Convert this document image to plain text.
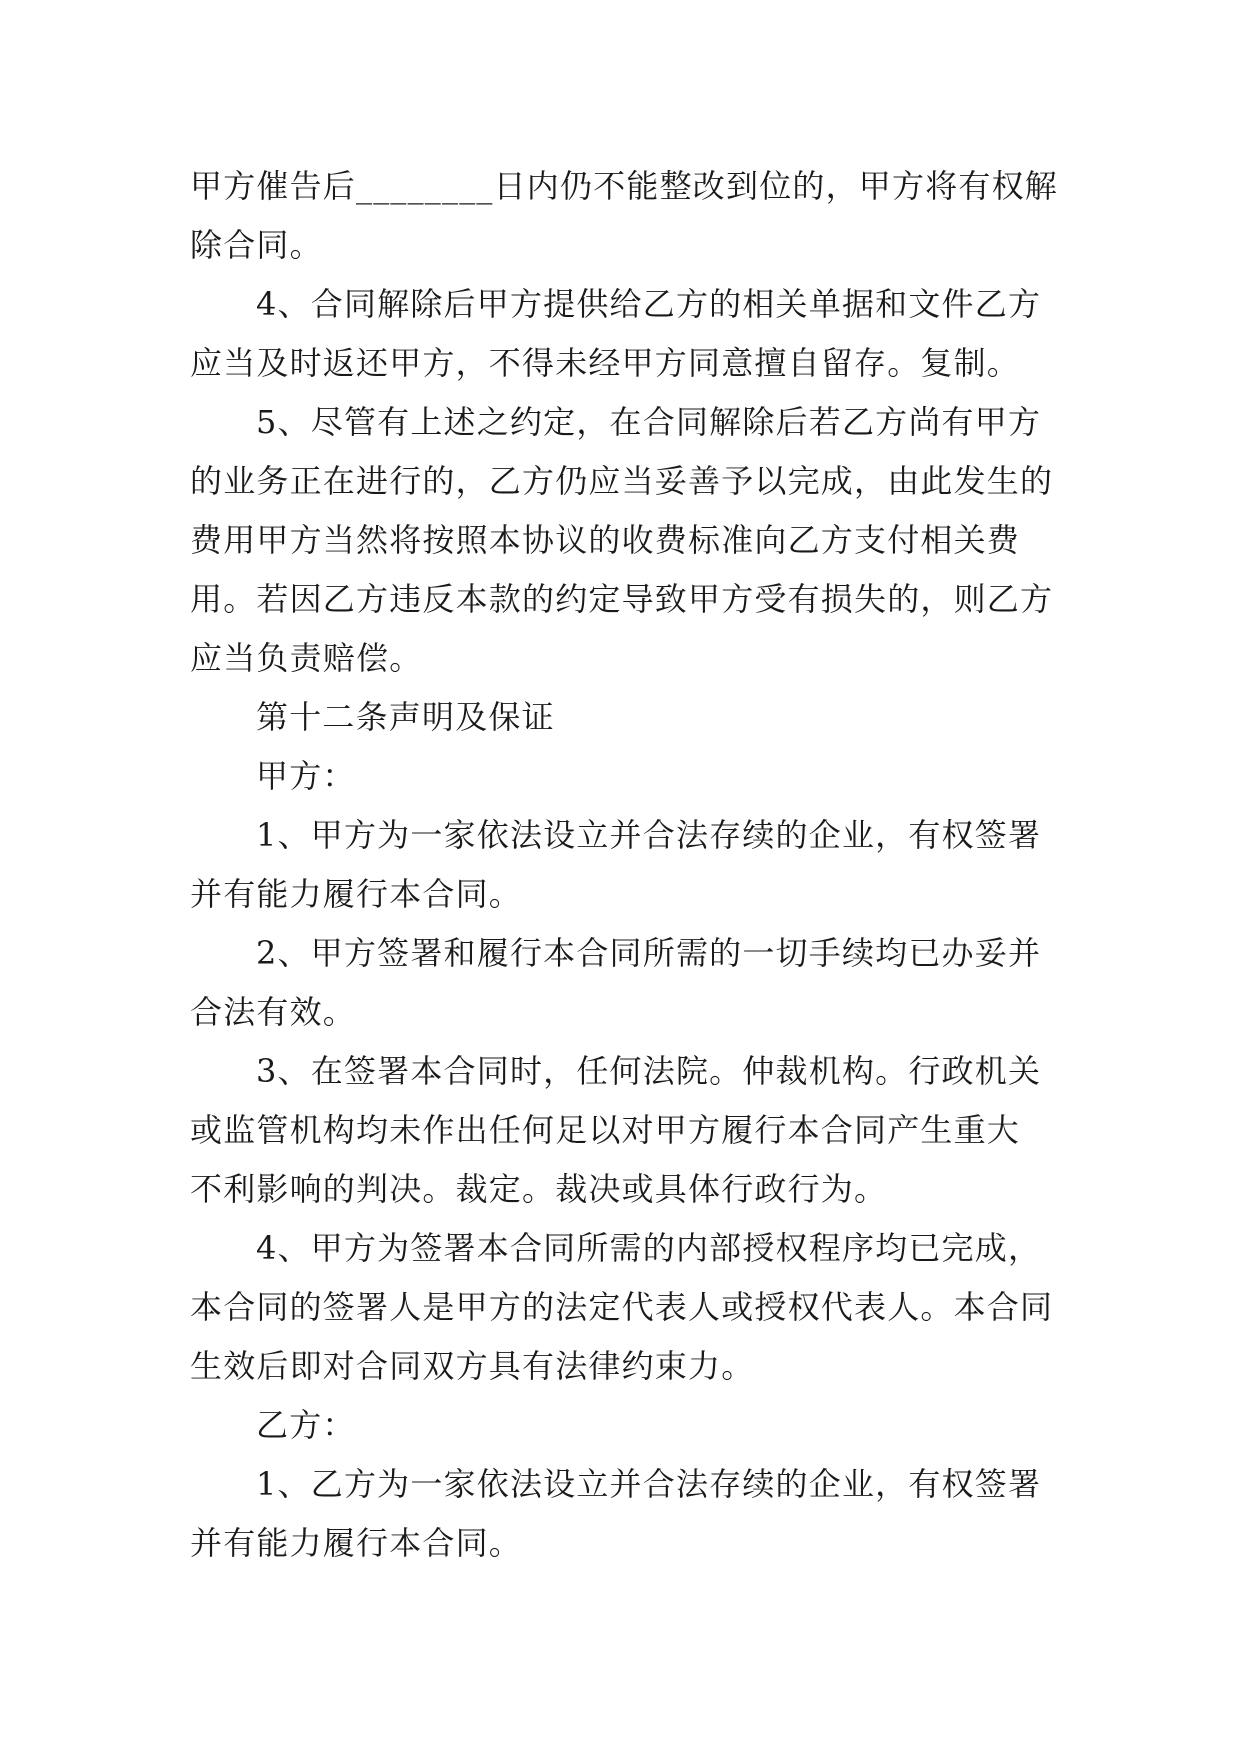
甲方催告后________日内仍不能整改到位的，甲方将有权解
除合同。
4、合同解除后甲方提供给乙方的相关单据和文件乙方
应当及时返还甲方，不得未经甲方同意擅自留存。复制。
5、尽管有上述之约定，在合同解除后若乙方尚有甲方
的业务正在进行的，乙方仍应当妥善予以完成，由此发生的
费用甲方当然将按照本协议的收费标准向乙方支付相关费
用。若因乙方违反本款的约定导致甲方受有损失的，则乙方
应当负责赔偿。
第十二条声明及保证
甲方：
1、甲方为一家依法设立并合法存续的企业，有权签署
并有能力履行本合同。
2、甲方签署和履行本合同所需的一切手续均已办妥并
合法有效。
3、在签署本合同时，任何法院。仲裁机构。行政机关
或监管机构均未作出任何足以对甲方履行本合同产生重大
不利影响的判决。裁定。裁决或具体行政行为。
4、甲方为签署本合同所需的内部授权程序均已完成，
本合同的签署人是甲方的法定代表人或授权代表人。本合同
生效后即对合同双方具有法律约束力。
乙方：
1、乙方为一家依法设立并合法存续的企业，有权签署
并有能力履行本合同。
